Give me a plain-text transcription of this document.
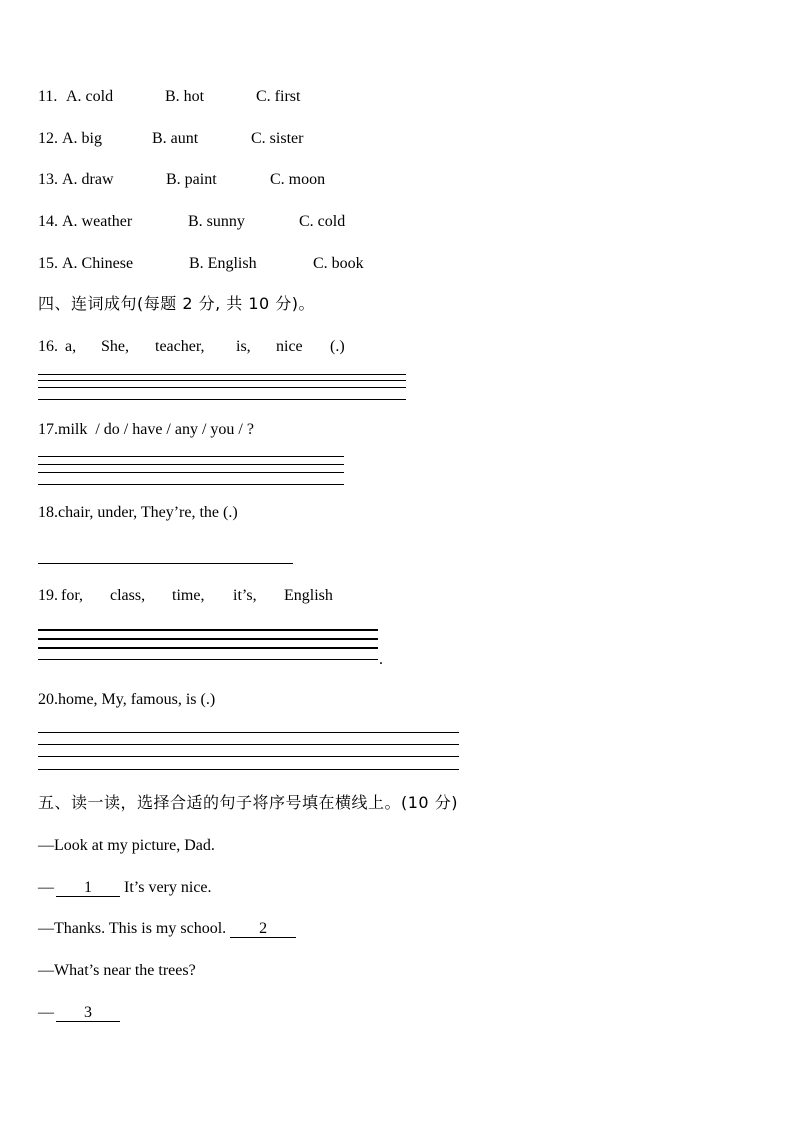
11. A. cold	B. hot	C. first
12. A. big	B. aunt	C. sister
13. A. draw	B. paint	C. moon
14. A. weather	B. sunny	C. cold
15. A. Chinese	B. English	C. book
四、连词成句(每题 2 分, 共 10 分)。
16. a, She, teacher, is, nice (.)
17.milk  / do / have / any / you / ?
18.chair, under, They’re, the (.)
19. for, class, time, it’s, English
.
20.home, My, famous, is (.)
五、读一读，选择合适的句子将序号填在横线上。(10 分)
—Look at my picture, Dad.
— 1 It’s very nice.
—Thanks. This is my school. 2
—What’s near the trees?
— 3
